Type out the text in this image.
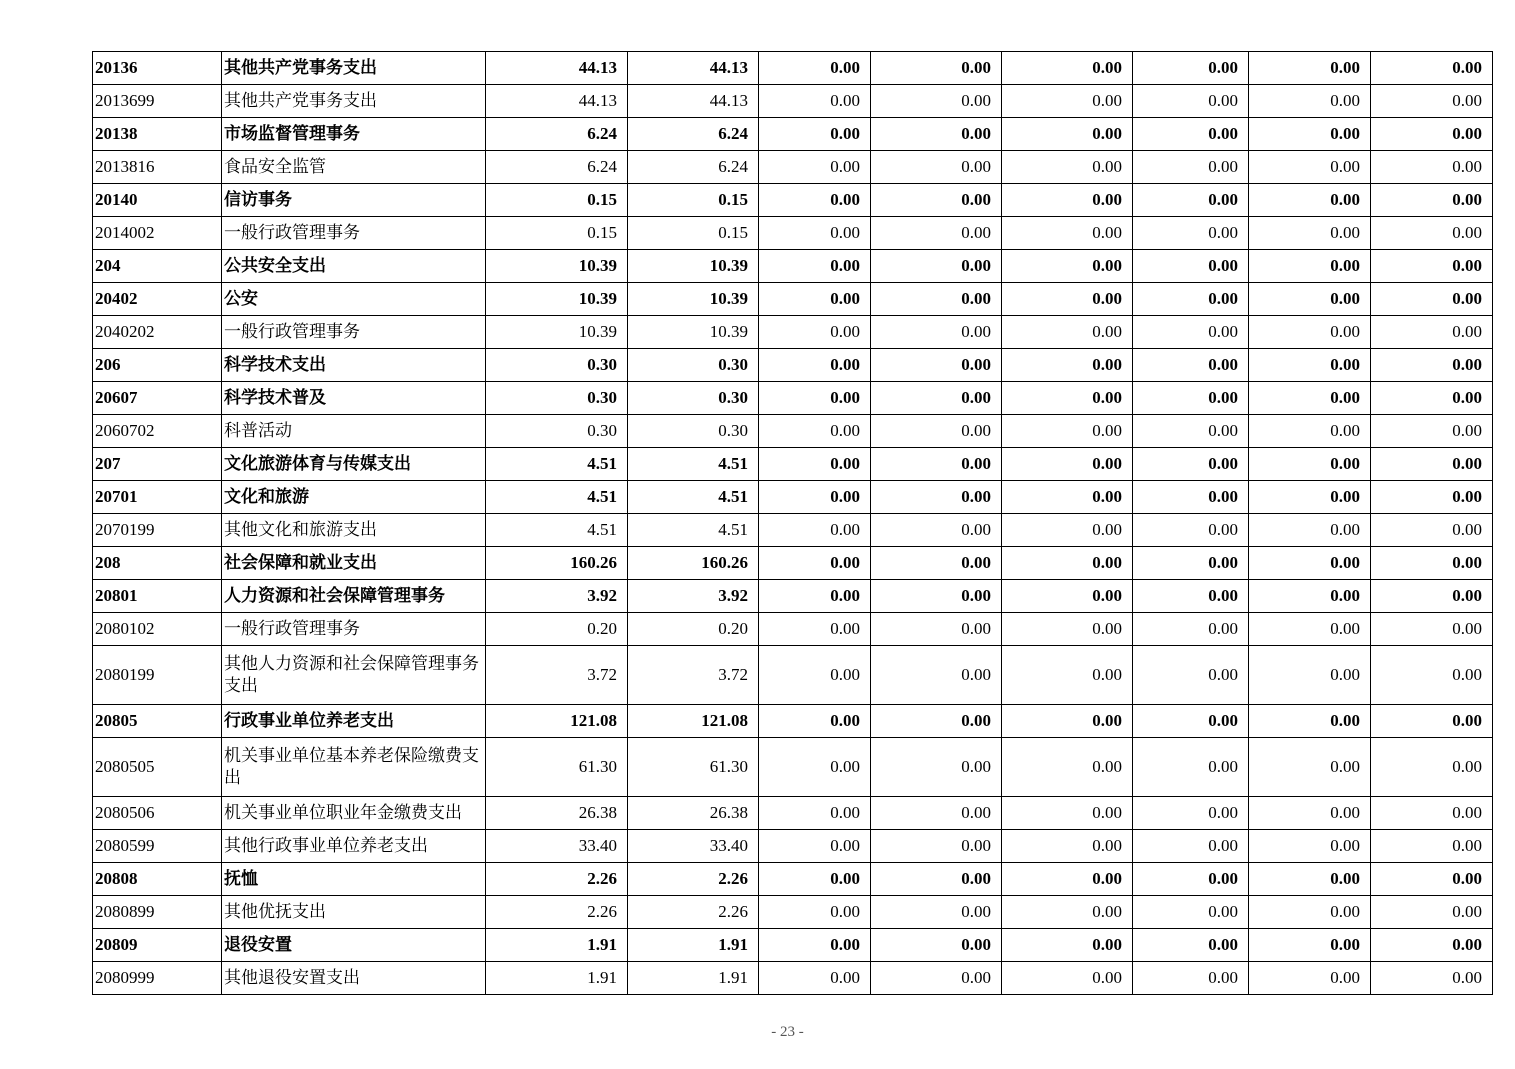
20136	其他共产党事务支出	44.13	44.13	0.00	0.00	0.00	0.00	0.00	0.00
2013699	其他共产党事务支出	44.13	44.13	0.00	0.00	0.00	0.00	0.00	0.00
20138	市场监督管理事务	6.24	6.24	0.00	0.00	0.00	0.00	0.00	0.00
2013816	食品安全监管	6.24	6.24	0.00	0.00	0.00	0.00	0.00	0.00
20140	信访事务	0.15	0.15	0.00	0.00	0.00	0.00	0.00	0.00
2014002	一般行政管理事务	0.15	0.15	0.00	0.00	0.00	0.00	0.00	0.00
204	公共安全支出	10.39	10.39	0.00	0.00	0.00	0.00	0.00	0.00
20402	公安	10.39	10.39	0.00	0.00	0.00	0.00	0.00	0.00
2040202	一般行政管理事务	10.39	10.39	0.00	0.00	0.00	0.00	0.00	0.00
206	科学技术支出	0.30	0.30	0.00	0.00	0.00	0.00	0.00	0.00
20607	科学技术普及	0.30	0.30	0.00	0.00	0.00	0.00	0.00	0.00
2060702	科普活动	0.30	0.30	0.00	0.00	0.00	0.00	0.00	0.00
207	文化旅游体育与传媒支出	4.51	4.51	0.00	0.00	0.00	0.00	0.00	0.00
20701	文化和旅游	4.51	4.51	0.00	0.00	0.00	0.00	0.00	0.00
2070199	其他文化和旅游支出	4.51	4.51	0.00	0.00	0.00	0.00	0.00	0.00
208	社会保障和就业支出	160.26	160.26	0.00	0.00	0.00	0.00	0.00	0.00
20801	人力资源和社会保障管理事务	3.92	3.92	0.00	0.00	0.00	0.00	0.00	0.00
2080102	一般行政管理事务	0.20	0.20	0.00	0.00	0.00	0.00	0.00	0.00
2080199	其他人力资源和社会保障管理事务支出	3.72	3.72	0.00	0.00	0.00	0.00	0.00	0.00
20805	行政事业单位养老支出	121.08	121.08	0.00	0.00	0.00	0.00	0.00	0.00
2080505	机关事业单位基本养老保险缴费支出	61.30	61.30	0.00	0.00	0.00	0.00	0.00	0.00
2080506	机关事业单位职业年金缴费支出	26.38	26.38	0.00	0.00	0.00	0.00	0.00	0.00
2080599	其他行政事业单位养老支出	33.40	33.40	0.00	0.00	0.00	0.00	0.00	0.00
20808	抚恤	2.26	2.26	0.00	0.00	0.00	0.00	0.00	0.00
2080899	其他优抚支出	2.26	2.26	0.00	0.00	0.00	0.00	0.00	0.00
20809	退役安置	1.91	1.91	0.00	0.00	0.00	0.00	0.00	0.00
2080999	其他退役安置支出	1.91	1.91	0.00	0.00	0.00	0.00	0.00	0.00
- 23 -
